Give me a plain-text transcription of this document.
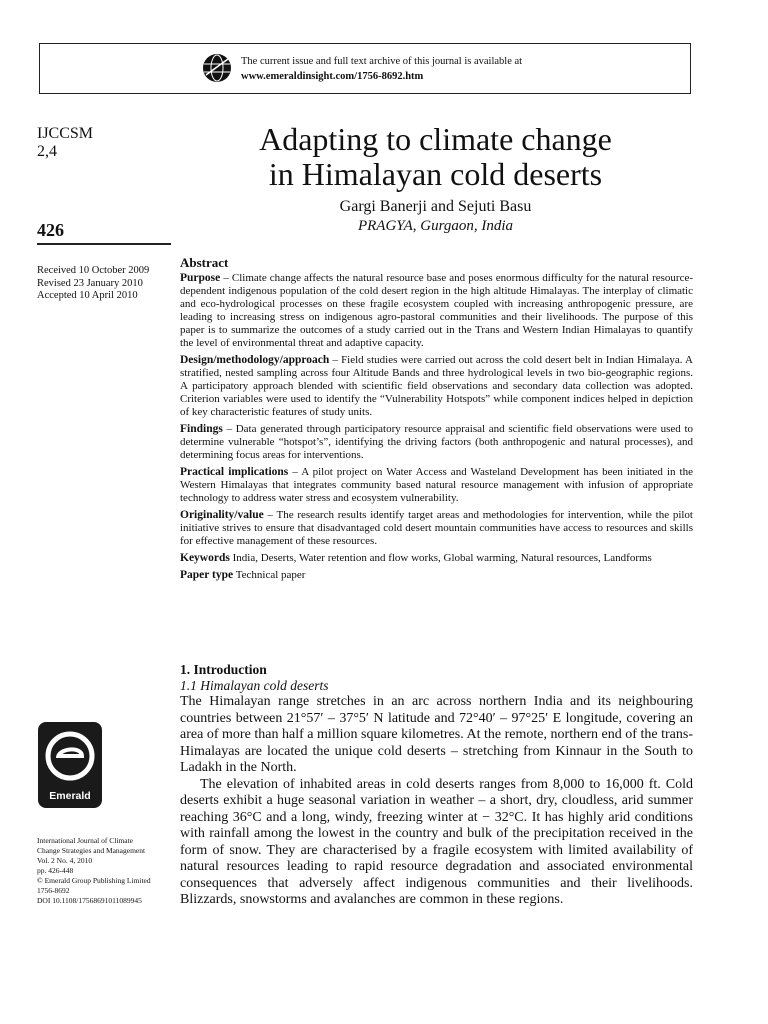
The current issue and full text archive of this journal is available at
www.emeraldinsight.com/1756-8692.htm
IJCCSM
2,4
426
Received 10 October 2009
Revised 23 January 2010
Accepted 10 April 2010
Adapting to climate change
in Himalayan cold deserts
Gargi Banerji and Sejuti Basu
PRAGYA, Gurgaon, India
Abstract

Purpose – Climate change affects the natural resource base and poses enormous difficulty for the natural resource-dependent indigenous population of the cold desert region in the high altitude Himalayas. The interplay of climatic and eco-hydrological processes on these fragile ecosystem coupled with increasing anthropogenic pressure, are leading to increasing stress on indigenous agro-pastoral communities and their livelihoods. The purpose of this paper is to summarize the outcomes of a study carried out in the Trans and Western Indian Himalayas to quantify the level of environmental threat and adaptive capacity.

Design/methodology/approach – Field studies were carried out across the cold desert belt in Indian Himalaya. A stratified, nested sampling across four Altitude Bands and three hydrological levels in two bio-geographic regions. A participatory approach blended with scientific field observations and secondary data collection was adopted. Criterion variables were used to identify the “Vulnerability Hotspots” while component indices helped in depiction of key characteristic features of study units.

Findings – Data generated through participatory resource appraisal and scientific field observations were used to determine vulnerable “hotspot’s”, identifying the driving factors (both anthropogenic and natural processes), and determining focus areas for interventions.

Practical implications – A pilot project on Water Access and Wasteland Development has been initiated in the Western Himalayas that integrates community based natural resource management with infusion of appropriate technology to address water stress and ecosystem vulnerability.

Originality/value – The research results identify target areas and methodologies for intervention, while the pilot initiative strives to ensure that disadvantaged cold desert mountain communities have access to resources and skills for effective management of these resources.

Keywords India, Deserts, Water retention and flow works, Global warming, Natural resources, Landforms

Paper type Technical paper

1. Introduction
1.1 Himalayan cold deserts

The Himalayan range stretches in an arc across northern India and its neighbouring countries between 21°57′ – 37°5′ N latitude and 72°40′ – 97°25′ E longitude, covering an area of more than half a million square kilometres. At the remote, northern end of the trans-Himalayas are located the unique cold deserts – stretching from Kinnaur in the South to Ladakh in the North.

The elevation of inhabited areas in cold deserts ranges from 8,000 to 16,000 ft. Cold deserts exhibit a huge seasonal variation in weather – a short, dry, cloudless, arid summer reaching 36°C and a long, windy, freezing winter at − 32°C. It has highly arid conditions with rainfall among the lowest in the country and bulk of the precipitation received in the form of snow. They are characterised by a fragile ecosystem with limited availability of natural resources leading to rapid resource degradation and associated environmental consequences that adversely affect indigenous communities and their livelihoods. Blizzards, snowstorms and avalanches are common in these regions.

Emerald
International Journal of Climate
Change Strategies and Management
Vol. 2 No. 4, 2010
pp. 426-448
© Emerald Group Publishing Limited
1756-8692
DOI 10.1108/17568691011089945
